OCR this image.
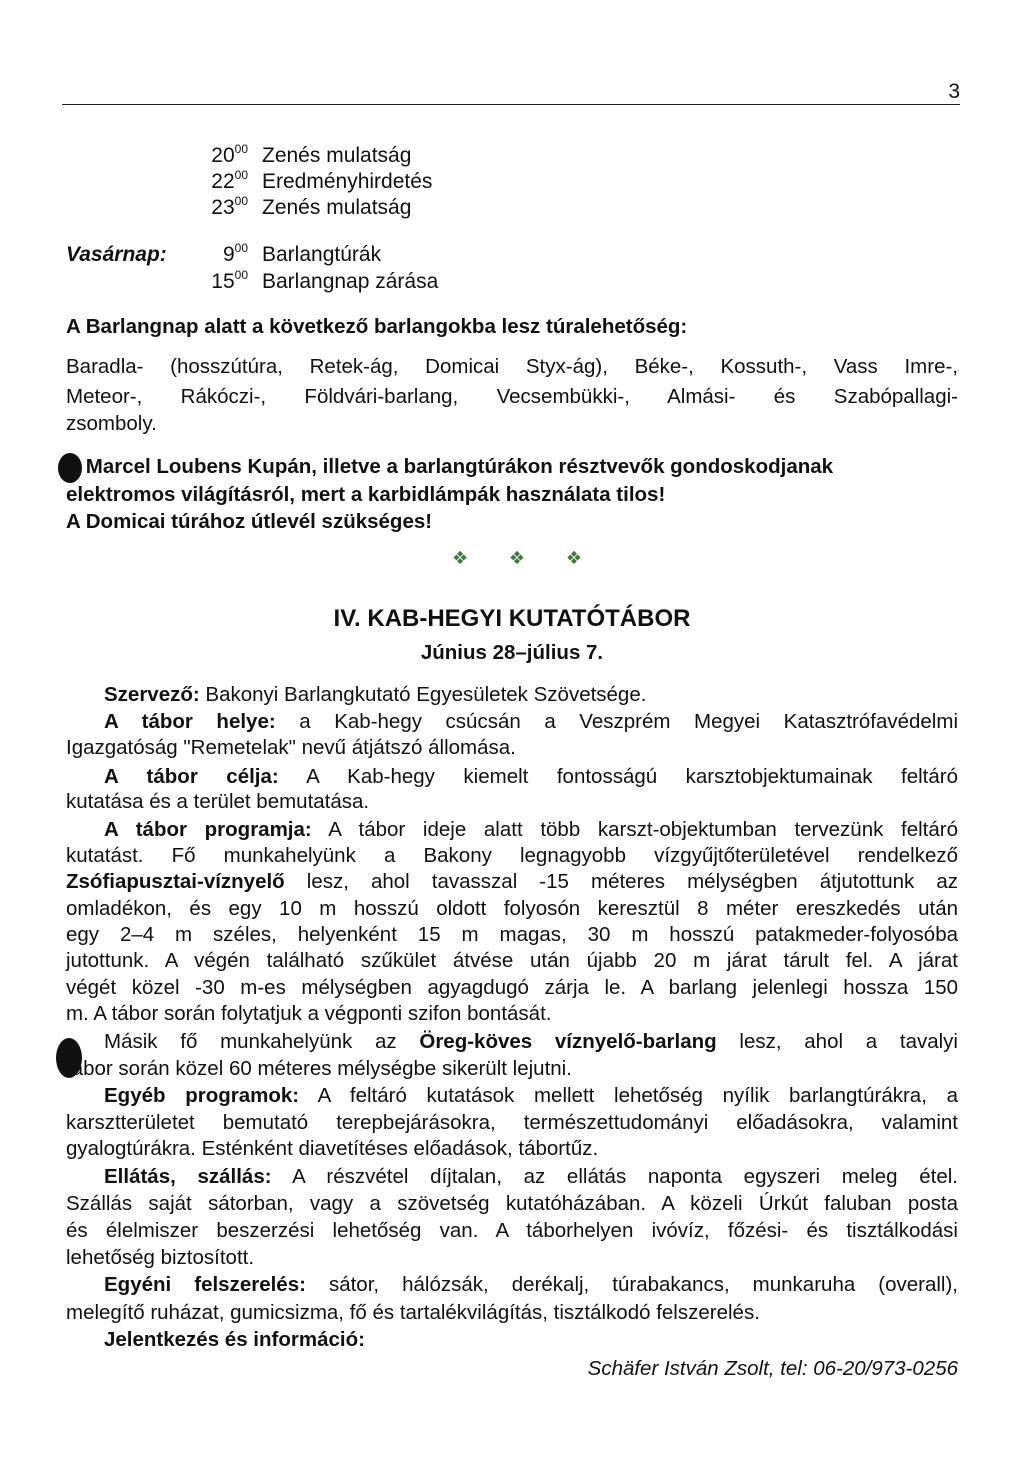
3
$20^{00}$ Zenés mulatság
$22^{00}$ Eredményhirdetés
$23^{00}$ Zenés mulatság
Vasárnap:	$9^{00}$ Barlangtúrák
$15^{00}$ Barlangnap zárása
A Barlangnap alatt a következő barlangokba lesz túralehetőség:
Baradla- (hosszútúra, Retek-ág, Domicai Styx-ág), Béke-, Kossuth-, Vass Imre-,
Meteor-, Rákóczi-, Földvári-barlang, Vecsembükki-, Almási- és Szabópallagi-
zsomboly.
A Marcel Loubens Kupán, illetve a barlangtúrákon résztvevők gondoskodjanak
elektromos világításról, mert a karbidlámpák használata tilos!
A Domicai túrához útlevél szükséges!
❖ ❖ ❖
IV. KAB-HEGYI KUTATÓTÁBOR
Június 28–július 7.
Szervező: Bakonyi Barlangkutató Egyesületek Szövetsége.
A tábor helye: a Kab-hegy csúcsán a Veszprém Megyei Katasztrófavédelmi
Igazgatóság "Remetelak" nevű átjátszó állomása.
A tábor célja: A Kab-hegy kiemelt fontosságú karsztobjektumainak feltáró
kutatása és a terület bemutatása.
A tábor programja: A tábor ideje alatt több karszt-objektumban tervezünk feltáró
kutatást. Fő munkahelyünk a Bakony legnagyobb vízgyűjtőterületével rendelkező
Zsófiapusztai-víznyelő lesz, ahol tavasszal -15 méteres mélységben átjutottunk az
omladékon, és egy 10 m hosszú oldott folyosón keresztül 8 méter ereszkedés után
egy 2–4 m széles, helyenként 15 m magas, 30 m hosszú patakmeder-folyosóba
jutottunk. A végén található szűkület átvése után újabb 20 m járat tárult fel. A járat
végét közel -30 m-es mélységben agyagdugó zárja le. A barlang jelenlegi hossza 150
m. A tábor során folytatjuk a végponti szifon bontását.
Másik fő munkahelyünk az Öreg-köves víznyelő-barlang lesz, ahol a tavalyi
tábor során közel 60 méteres mélységbe sikerült lejutni.
Egyéb programok: A feltáró kutatások mellett lehetőség nyílik barlangtúrákra, a
karsztterületet bemutató terepbejárásokra, természettudományi előadásokra, valamint
gyalogtúrákra. Esténként diavetítéses előadások, tábortűz.
Ellátás, szállás: A részvétel díjtalan, az ellátás naponta egyszeri meleg étel.
Szállás saját sátorban, vagy a szövetség kutatóházában. A közeli Úrkút faluban posta
és élelmiszer beszerzési lehetőség van. A táborhelyen ivóvíz, főzési- és tisztálkodási
lehetőség biztosított.
Egyéni felszerelés: sátor, hálózsák, derékalj, túrabakancs, munkaruha (overall),
melegítő ruházat, gumicsizma, fő és tartalékvilágítás, tisztálkodó felszerelés.
Jelentkezés és információ:
Schäfer István Zsolt, tel: 06-20/973-0256
